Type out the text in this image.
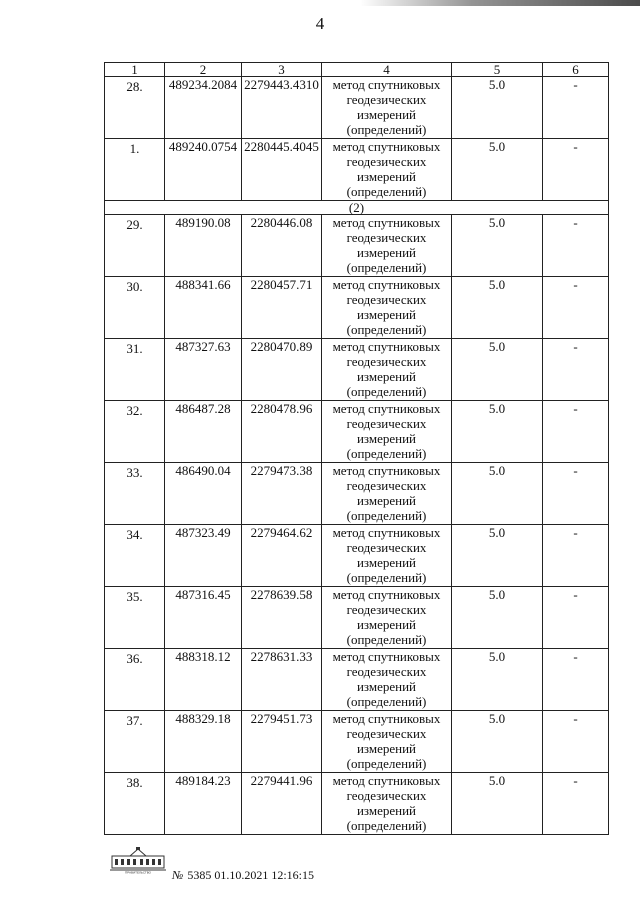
4
1	2	3	4	5	6
28.	489234.2084	2279443.4310	метод спутниковых геодезических измерений (определений)	5.0	-
1.	489240.0754	2280445.4045	метод спутниковых геодезических измерений (определений)	5.0	-
(2)					
29.	489190.08	2280446.08	метод спутниковых геодезических измерений (определений)	5.0	-
30.	488341.66	2280457.71	метод спутниковых геодезических измерений (определений)	5.0	-
31.	487327.63	2280470.89	метод спутниковых геодезических измерений (определений)	5.0	-
32.	486487.28	2280478.96	метод спутниковых геодезических измерений (определений)	5.0	-
33.	486490.04	2279473.38	метод спутниковых геодезических измерений (определений)	5.0	-
34.	487323.49	2279464.62	метод спутниковых геодезических измерений (определений)	5.0	-
35.	487316.45	2278639.58	метод спутниковых геодезических измерений (определений)	5.0	-
36.	488318.12	2278631.33	метод спутниковых геодезических измерений (определений)	5.0	-
37.	488329.18	2279451.73	метод спутниковых геодезических измерений (определений)	5.0	-
38.	489184.23	2279441.96	метод спутниковых геодезических измерений (определений)	5.0	-
ПРАВИТЕЛЬСТВО № 5385 01.10.2021 12:16:15
